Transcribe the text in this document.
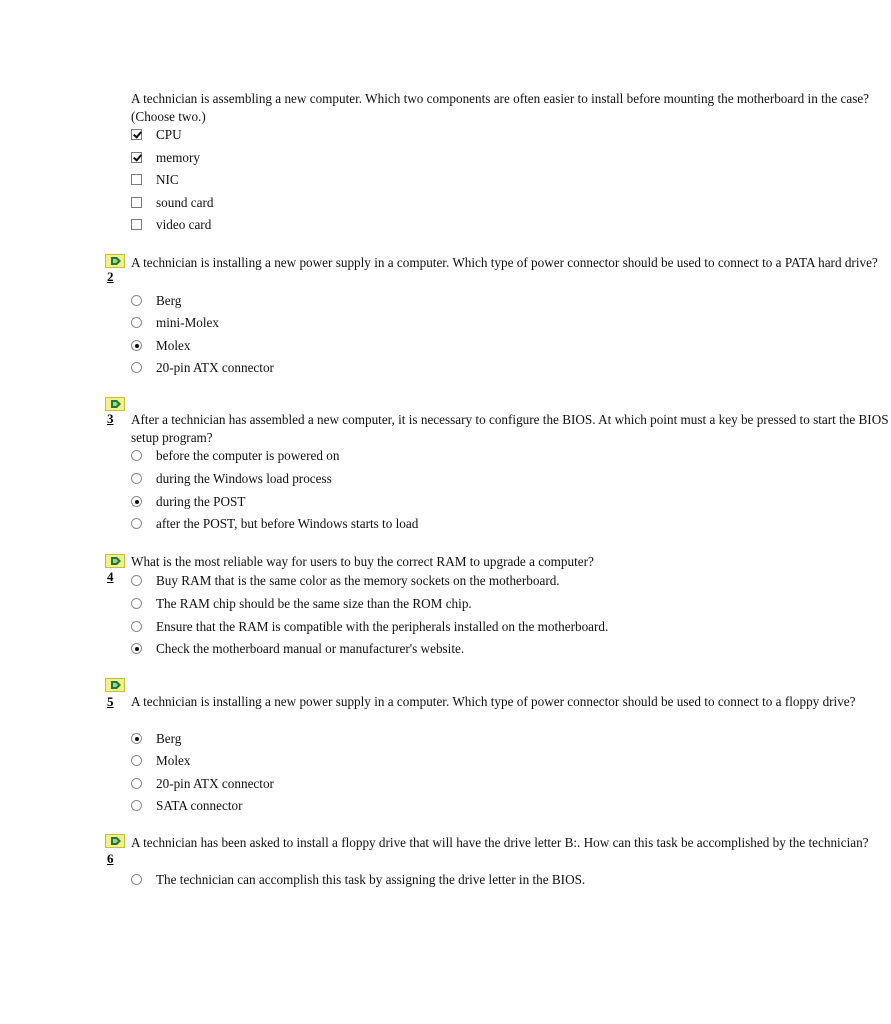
A technician is assembling a new computer. Which two components are often easier to install before mounting the motherboard in the case? (Choose two.)
CPU
memory
NIC
sound card
video card
2
A technician is installing a new power supply in a computer. Which type of power connector should be used to connect to a PATA hard drive?
Berg
mini-Molex
Molex
20-pin ATX connector
3 After a technician has assembled a new computer, it is necessary to configure the BIOS. At which point must a key be pressed to start the BIOS setup program?
before the computer is powered on
during the Windows load process
during the POST
after the POST, but before Windows starts to load
4
What is the most reliable way for users to buy the correct RAM to upgrade a computer?
Buy RAM that is the same color as the memory sockets on the motherboard.
The RAM chip should be the same size than the ROM chip.
Ensure that the RAM is compatible with the peripherals installed on the motherboard.
Check the motherboard manual or manufacturer's website.
5 A technician is installing a new power supply in a computer. Which type of power connector should be used to connect to a floppy drive?
Berg
Molex
20-pin ATX connector
SATA connector
6
A technician has been asked to install a floppy drive that will have the drive letter B:. How can this task be accomplished by the technician?
The technician can accomplish this task by assigning the drive letter in the BIOS.
